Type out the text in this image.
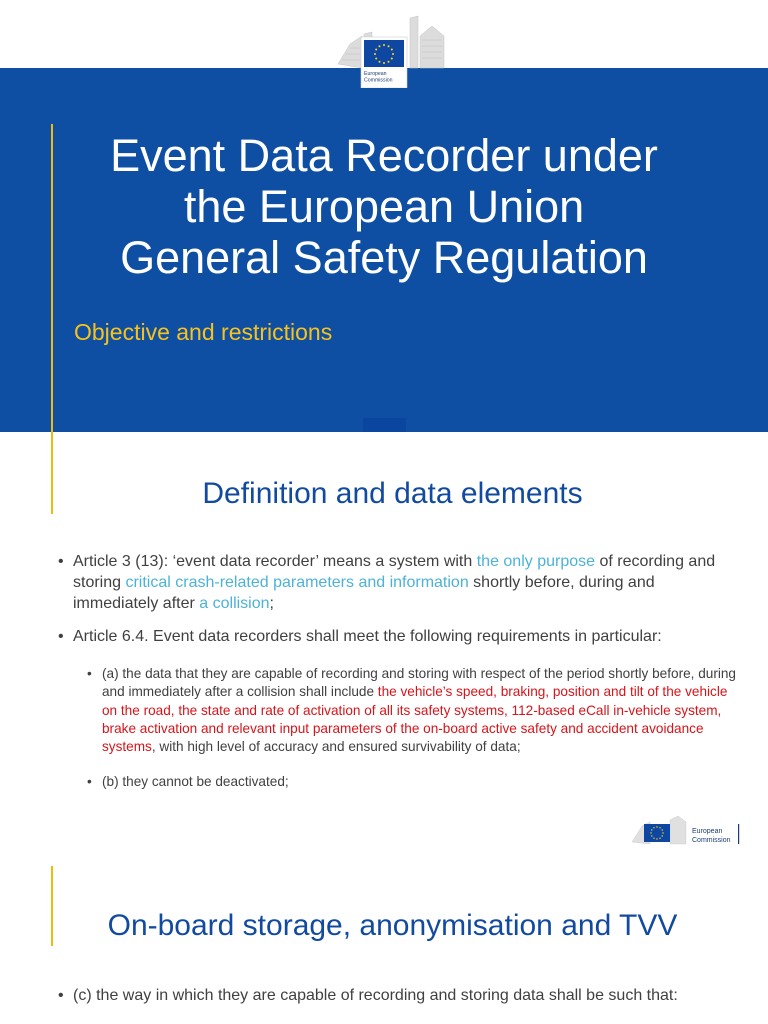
European
Commission
Event Data Recorder under
the European Union
General Safety Regulation
Objective and restrictions
Definition and data elements
• Article 3 (13): ‘event data recorder’ means a system with the only purpose of recording and storing critical crash-related parameters and information shortly before, during and immediately after a collision;
• Article 6.4. Event data recorders shall meet the following requirements in particular:
• (a) the data that they are capable of recording and storing with respect of the period shortly before, during and immediately after a collision shall include the vehicle’s speed, braking, position and tilt of the vehicle on the road, the state and rate of activation of all its safety systems, 112-based eCall in-vehicle system, brake activation and relevant input parameters of the on-board active safety and accident avoidance systems, with high level of accuracy and ensured survivability of data;
• (b) they cannot be deactivated;
European
Commission
On-board storage, anonymisation and TVV
• (c) the way in which they are capable of recording and storing data shall be such that:
